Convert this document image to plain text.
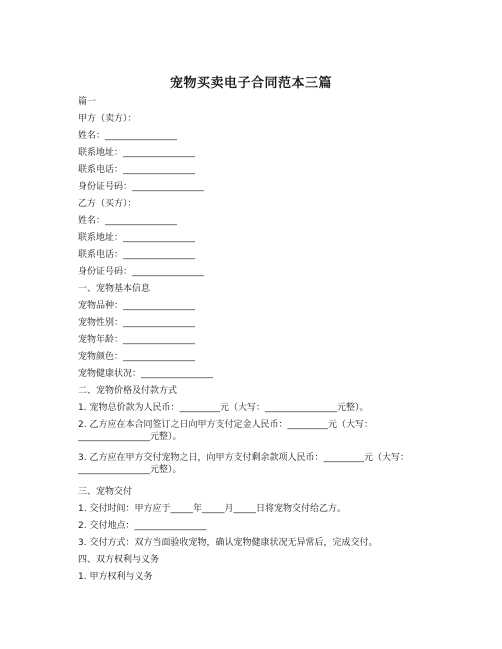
宠物买卖电子合同范本三篇
篇一
甲方（卖方）：
姓名：________________
联系地址：________________
联系电话：________________
身份证号码：________________
乙方（买方）：
姓名：________________
联系地址：________________
联系电话：________________
身份证号码：________________
一、宠物基本信息
宠物品种：________________
宠物性别：________________
宠物年龄：________________
宠物颜色：________________
宠物健康状况：________________
二、宠物价格及付款方式
1. 宠物总价款为人民币：_________元（大写：________________元整）。
2. 乙方应在本合同签订之日向甲方支付定金人民币：_________元（大写：________________元整）。
3. 乙方应在甲方交付宠物之日，向甲方支付剩余款项人民币：_________元（大写：________________元整）。
三、宠物交付
1. 交付时间：甲方应于_____年_____月_____日将宠物交付给乙方。
2. 交付地点：________________
3. 交付方式：双方当面验收宠物，确认宠物健康状况无异常后，完成交付。
四、双方权利与义务
1. 甲方权利与义务
